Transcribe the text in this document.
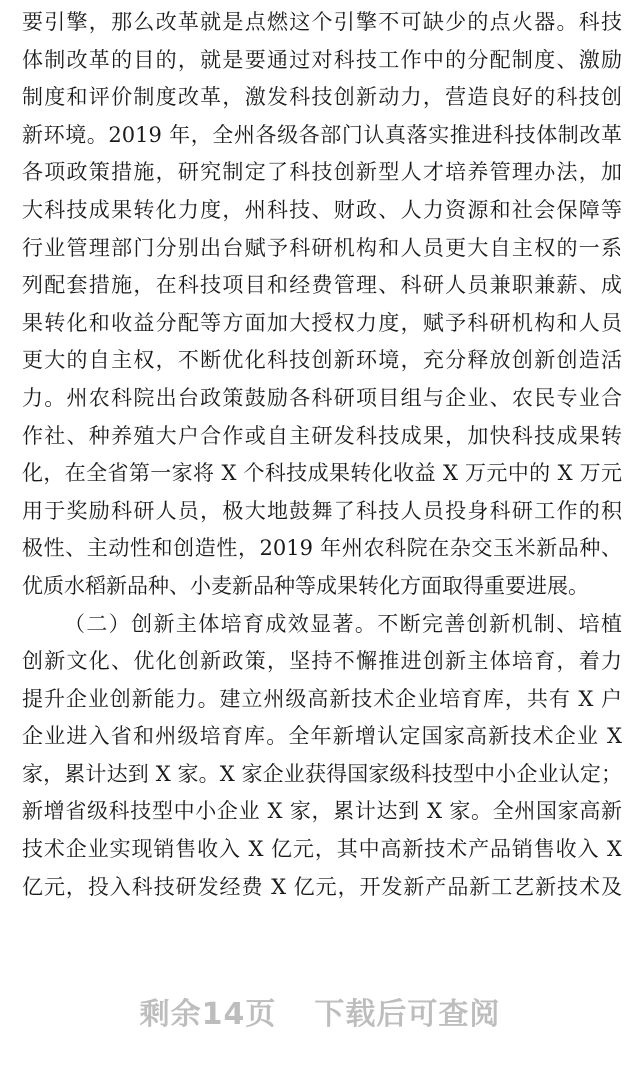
要引擎，那么改革就是点燃这个引擎不可缺少的点火器。科技
体制改革的目的，就是要通过对科技工作中的分配制度、激励
制度和评价制度改革，激发科技创新动力，营造良好的科技创
新环境。2019 年，全州各级各部门认真落实推进科技体制改革
各项政策措施，研究制定了科技创新型人才培养管理办法，加
大科技成果转化力度，州科技、财政、人力资源和社会保障等
行业管理部门分别出台赋予科研机构和人员更大自主权的一系
列配套措施，在科技项目和经费管理、科研人员兼职兼薪、成
果转化和收益分配等方面加大授权力度，赋予科研机构和人员
更大的自主权，不断优化科技创新环境，充分释放创新创造活
力。州农科院出台政策鼓励各科研项目组与企业、农民专业合
作社、种养殖大户合作或自主研发科技成果，加快科技成果转
化，在全省第一家将 X 个科技成果转化收益 X 万元中的 X 万元
用于奖励科研人员，极大地鼓舞了科技人员投身科研工作的积
极性、主动性和创造性，2019 年州农科院在杂交玉米新品种、
优质水稻新品种、小麦新品种等成果转化方面取得重要进展。
（二）创新主体培育成效显著。不断完善创新机制、培植
创新文化、优化创新政策，坚持不懈推进创新主体培育，着力
提升企业创新能力。建立州级高新技术企业培育库，共有 X 户
企业进入省和州级培育库。全年新增认定国家高新技术企业 X
家，累计达到 X 家。X 家企业获得国家级科技型中小企业认定；
新增省级科技型中小企业 X 家，累计达到 X 家。全州国家高新
技术企业实现销售收入 X 亿元，其中高新技术产品销售收入 X
亿元，投入科技研发经费 X 亿元，开发新产品新工艺新技术及
剩余14页 下载后可查阅
